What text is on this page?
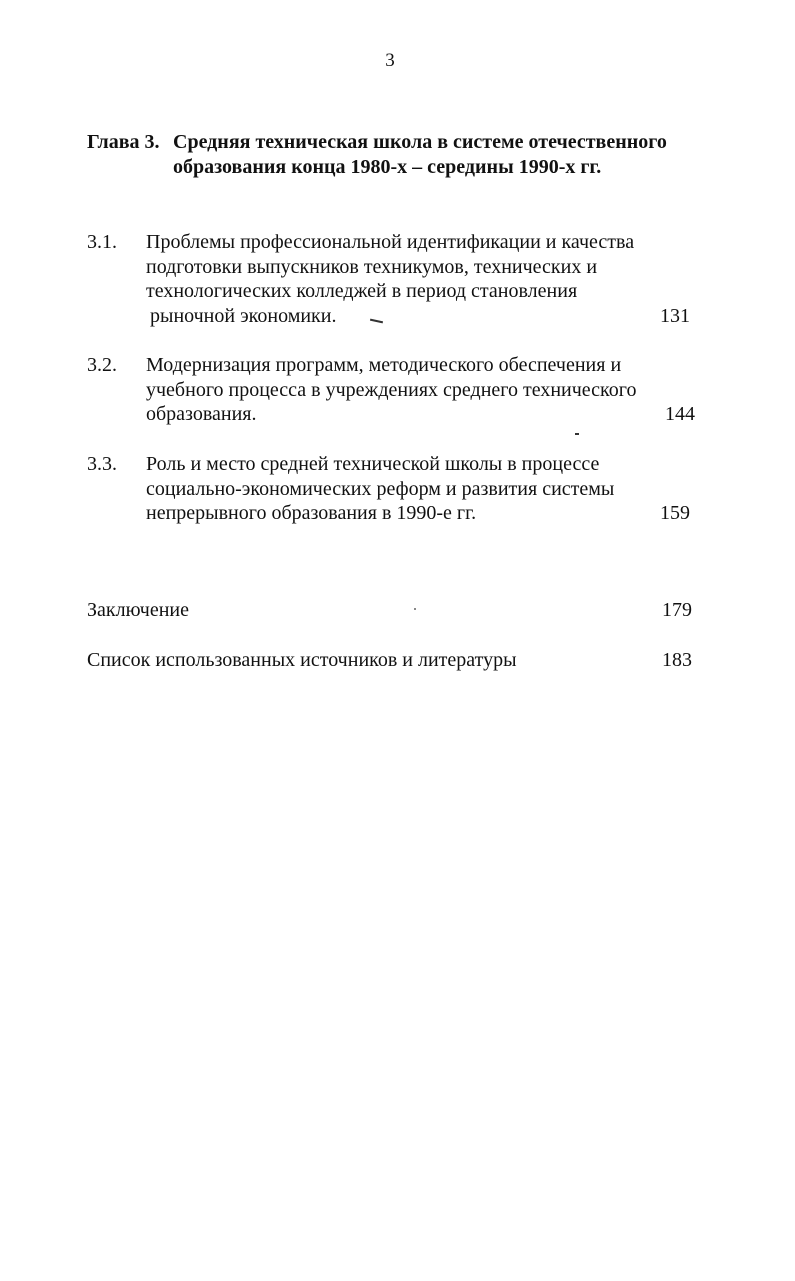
3
Глава 3. Средняя техническая школа в системе отечественного
образования конца 1980-х – середины 1990-х гг.
3.1.	Проблемы профессиональной идентификации и качества
подготовки выпускников техникумов, технических и
технологических колледжей в период становления
рыночной экономики.	131
3.2.	Модернизация программ, методического обеспечения и
учебного процесса в учреждениях среднего технического
образования.	144
3.3.	Роль и место средней технической школы в процессе
социально-экономических реформ и развития системы
непрерывного образования в 1990-е гг.	159
Заключение	179
Список использованных источников и литературы	183
